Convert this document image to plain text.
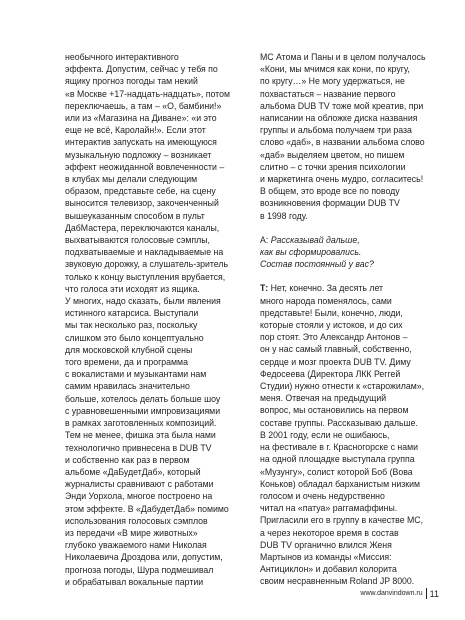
необычного интерактивного

эффекта. Допустим, сейчас у тебя по

ящику прогноз погоды там некий

«в Москве +17-надцать-надцать», потом

переключаешь, а там – «О, бамбини!»

или из «Магазина на Диване»: «и это

еще не всё, Каролайн!». Если этот

интерактив запускать на имеющуюся

музыкальную подложку – возникает

эффект неожиданной вовлеченности –

в клубах мы делали следующим

образом, представьте себе, на сцену

выносится телевизор, закоченченный

вышеуказанным способом в пульт

ДабМастера, переключаются каналы,

выхватываются голосовые сэмплы,

подхватываемые и накладываемые на

звуковую дорожку, а слушатель-зритель

только к концу выступления врубается,

что голоса эти исходят из ящика.

У многих, надо сказать, были явления

истинного катарсиса. Выступали

мы так несколько раз, поскольку

слишком это было концептуально

для московской клубной сцены

того времени, да и программа

с вокалистами и музыкантами нам

самим нравилась значительно

больше, хотелось делать больше шоу

с уравновешенными импровизациями

в рамках заготовленных композиций.

Тем не менее, фишка эта была нами

технологично привнесена в DUB TV

и собственно как раз в первом

альбоме «ДаБудетДаб», который

журналисты сравнивают с работами

Энди Уорхола, многое построено на

этом эффекте. В «ДабудетДаб» помимо

использования голосовых сэмплов

из передачи «В мире животных»

глубоко уважаемого нами Николая

Николаевича Дроздова или, допустим,

прогноза погоды, Шура подмешивал

и обрабатывал вокальные партии

МС Атома и Паны и в целом получалось

«Кони, мы мчимся как кони, по кругу,

по кругу…» Не могу удержаться, не

похвастаться – название первого

альбома DUB TV тоже мой креатив, при

написании на обложке диска названия

группы и альбома получаем три раза

слово «даб», в названии альбома слово

«даб» выделяем цветом, но пишем

слитно – с точки зрения психологии

и маркетинга очень мудро, согласитесь!

В общем, это вроде все по поводу

возникновения формации DUB TV

в 1998 году.

A: Рассказывай дальше,

как вы сформировались.

Состав постоянный у вас?

Т: Нет, конечно. За десять лет

много народа поменялось, сами

представьте! Были, конечно, люди,

которые стояли у истоков, и до сих

пор стоят. Это Александр Антонов –

он у нас самый главный, собственно,

сердце и мозг проекта DUB TV. Диму

Федосеева (Директора ЛКК Реггей

Студии) нужно отнести к «старожилам»,

меня. Отвечая на предыдущий

вопрос, мы остановились на первом

составе группы. Рассказываю дальше.

В 2001 году, если не ошибаюсь,

на фестивале в г. Красногорске с нами

на одной площадке выступала группа

«Музунгу», солист которой Боб (Вова

Коньков) обладал барханистым низким

голосом и очень недурственно

читал на «патуа» раггамаффины.

Пригласили его в группу в качестве МС,

а через некоторое время в состав

DUB TV органично влился Женя

Мартынов из команды «Миссия:

Антициклон» и добавил колорита

своим несравненным Roland JP 8000.

www.danvindown.ru 11
